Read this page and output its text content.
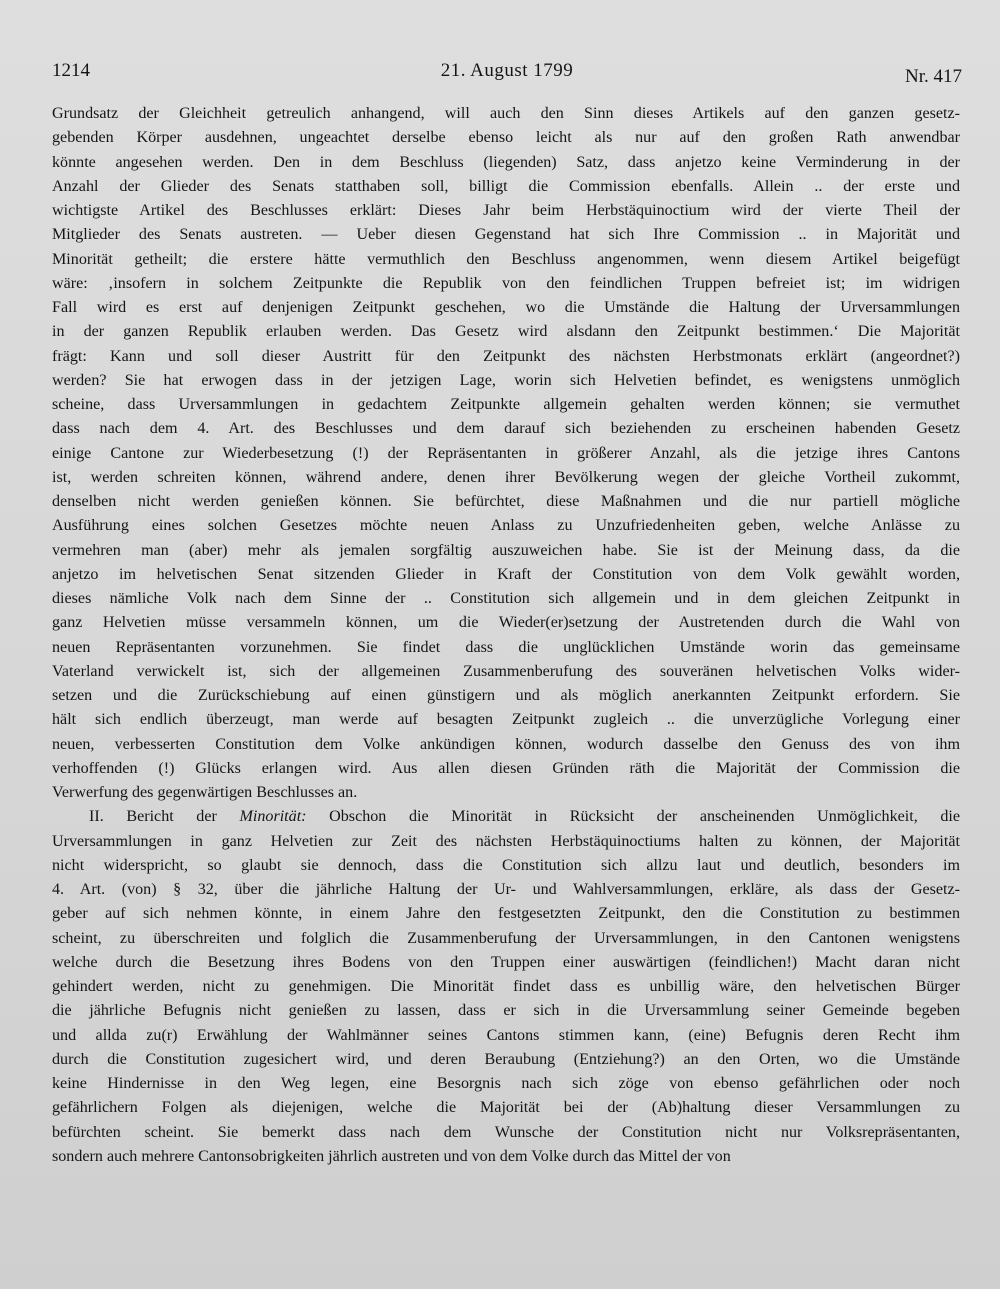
1214	21. August 1799	Nr. 417
Grundsatz der Gleichheit getreulich anhangend, will auch den Sinn dieses Artikels auf den ganzen gesetz-
gebenden Körper ausdehnen, ungeachtet derselbe ebenso leicht als nur auf den großen Rath anwendbar
könnte angesehen werden. Den in dem Beschluss (liegenden) Satz, dass anjetzo keine Verminderung in der
Anzahl der Glieder des Senats statthaben soll, billigt die Commission ebenfalls. Allein .. der erste und
wichtigste Artikel des Beschlusses erklärt: Dieses Jahr beim Herbstäquinoctium wird der vierte Theil der
Mitglieder des Senats austreten. — Ueber diesen Gegenstand hat sich Ihre Commission .. in Majorität und
Minorität getheilt; die erstere hätte vermuthlich den Beschluss angenommen, wenn diesem Artikel beigefügt
wäre: ‚insofern in solchem Zeitpunkte die Republik von den feindlichen Truppen befreiet ist; im widrigen
Fall wird es erst auf denjenigen Zeitpunkt geschehen, wo die Umstände die Haltung der Urversammlungen
in der ganzen Republik erlauben werden. Das Gesetz wird alsdann den Zeitpunkt bestimmen.‘ Die Majorität
frägt: Kann und soll dieser Austritt für den Zeitpunkt des nächsten Herbstmonats erklärt (angeordnet?)
werden? Sie hat erwogen dass in der jetzigen Lage, worin sich Helvetien befindet, es wenigstens unmöglich
scheine, dass Urversammlungen in gedachtem Zeitpunkte allgemein gehalten werden können; sie vermuthet
dass nach dem 4. Art. des Beschlusses und dem darauf sich beziehenden zu erscheinen habenden Gesetz
einige Cantone zur Wiederbesetzung (!) der Repräsentanten in größerer Anzahl, als die jetzige ihres Cantons
ist, werden schreiten können, während andere, denen ihrer Bevölkerung wegen der gleiche Vortheil zukommt,
denselben nicht werden genießen können. Sie befürchtet, diese Maßnahmen und die nur partiell mögliche
Ausführung eines solchen Gesetzes möchte neuen Anlass zu Unzufriedenheiten geben, welche Anlässe zu
vermehren man (aber) mehr als jemalen sorgfältig auszuweichen habe. Sie ist der Meinung dass, da die
anjetzo im helvetischen Senat sitzenden Glieder in Kraft der Constitution von dem Volk gewählt worden,
dieses nämliche Volk nach dem Sinne der .. Constitution sich allgemein und in dem gleichen Zeitpunkt in
ganz Helvetien müsse versammeln können, um die Wieder(er)setzung der Austretenden durch die Wahl von
neuen Repräsentanten vorzunehmen. Sie findet dass die unglücklichen Umstände worin das gemeinsame
Vaterland verwickelt ist, sich der allgemeinen Zusammenberufung des souveränen helvetischen Volks wider-
setzen und die Zurückschiebung auf einen günstigern und als möglich anerkannten Zeitpunkt erfordern. Sie
hält sich endlich überzeugt, man werde auf besagten Zeitpunkt zugleich .. die unverzügliche Vorlegung einer
neuen, verbesserten Constitution dem Volke ankündigen können, wodurch dasselbe den Genuss des von ihm
verhoffenden (!) Glücks erlangen wird. Aus allen diesen Gründen räth die Majorität der Commission die
Verwerfung des gegenwärtigen Beschlusses an.
II. Bericht der Minorität: Obschon die Minorität in Rücksicht der anscheinenden Unmöglichkeit, die
Urversammlungen in ganz Helvetien zur Zeit des nächsten Herbstäquinoctiums halten zu können, der Majorität
nicht widerspricht, so glaubt sie dennoch, dass die Constitution sich allzu laut und deutlich, besonders im
4. Art. (von) § 32, über die jährliche Haltung der Ur- und Wahlversammlungen, erkläre, als dass der Gesetz-
geber auf sich nehmen könnte, in einem Jahre den festgesetzten Zeitpunkt, den die Constitution zu bestimmen
scheint, zu überschreiten und folglich die Zusammenberufung der Urversammlungen, in den Cantonen wenigstens
welche durch die Besetzung ihres Bodens von den Truppen einer auswärtigen (feindlichen!) Macht daran nicht
gehindert werden, nicht zu genehmigen. Die Minorität findet dass es unbillig wäre, den helvetischen Bürger
die jährliche Befugnis nicht genießen zu lassen, dass er sich in die Urversammlung seiner Gemeinde begeben
und allda zu(r) Erwählung der Wahlmänner seines Cantons stimmen kann, (eine) Befugnis deren Recht ihm
durch die Constitution zugesichert wird, und deren Beraubung (Entziehung?) an den Orten, wo die Umstände
keine Hindernisse in den Weg legen, eine Besorgnis nach sich zöge von ebenso gefährlichen oder noch
gefährlichern Folgen als diejenigen, welche die Majorität bei der (Ab)haltung dieser Versammlungen zu
befürchten scheint. Sie bemerkt dass nach dem Wunsche der Constitution nicht nur Volksrepräsentanten,
sondern auch mehrere Cantonsobrigkeiten jährlich austreten und von dem Volke durch das Mittel der von
